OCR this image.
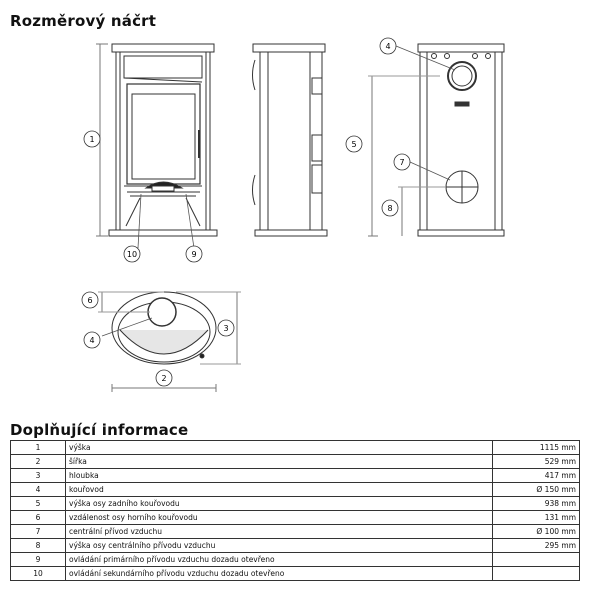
Rozměrový náčrt
1
2
3
4
4
5
6
7
8
9
10
Doplňující informace
1	výška	1115 mm
2	šířka	529 mm
3	hloubka	417 mm
4	kouřovod	Ø 150 mm
5	výška osy zadního kouřovodu	938 mm
6	vzdálenost osy horního kouřovodu	131 mm
7	centrální přívod vzduchu	Ø 100 mm
8	výška osy centrálního přívodu vzduchu	295 mm
9	ovládání primárního přívodu vzduchu dozadu otevřeno	
10	ovládání sekundárního přívodu vzduchu dozadu otevřeno	
